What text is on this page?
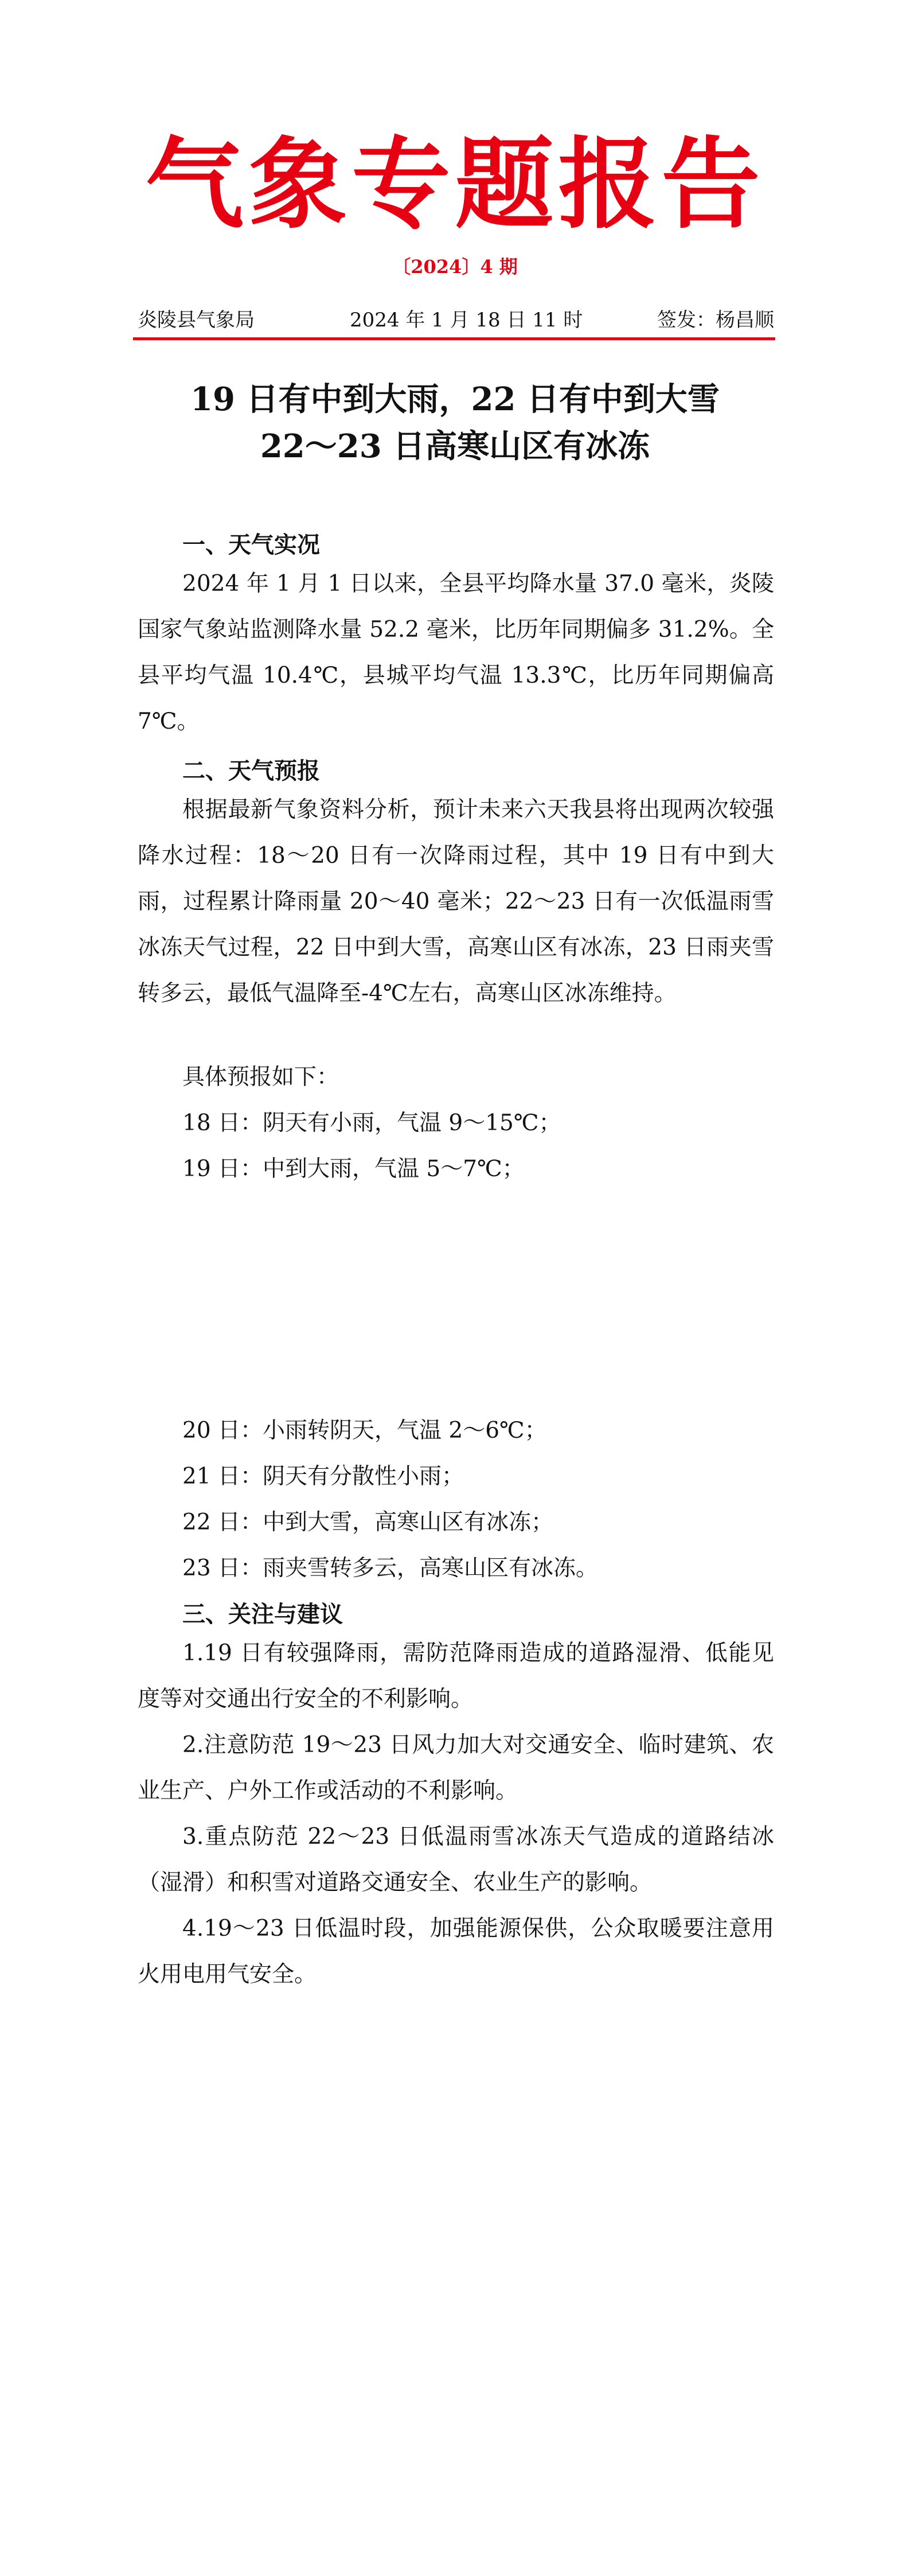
气象专题报告
〔2024〕4 期
炎陵县气象局	2024 年 1 月 18 日 11 时	签发：杨昌顺
19 日有中到大雨，22 日有中到大雪
22～23 日高寒山区有冰冻
一、天气实况

2024 年 1 月 1 日以来，全县平均降水量 37.0 毫米，炎陵国家气象站监测降水量 52.2 毫米，比历年同期偏多 31.2%。全县平均气温 10.4℃，县城平均气温 13.3℃，比历年同期偏高 7℃。

二、天气预报

根据最新气象资料分析，预计未来六天我县将出现两次较强降水过程：18～20 日有一次降雨过程，其中 19 日有中到大雨，过程累计降雨量 20～40 毫米；22～23 日有一次低温雨雪冰冻天气过程，22 日中到大雪，高寒山区有冰冻，23 日雨夹雪转多云，最低气温降至-4℃左右，高寒山区冰冻维持。

具体预报如下：
18 日：阴天有小雨，气温 9～15℃；
19 日：中到大雨，气温 5～7℃；
20 日：小雨转阴天，气温 2～6℃；
21 日：阴天有分散性小雨；
22 日：中到大雪，高寒山区有冰冻；
23 日：雨夹雪转多云，高寒山区有冰冻。
三、关注与建议

1.19 日有较强降雨，需防范降雨造成的道路湿滑、低能见度等对交通出行安全的不利影响。

2.注意防范 19～23 日风力加大对交通安全、临时建筑、农业生产、户外工作或活动的不利影响。

3.重点防范 22～23 日低温雨雪冰冻天气造成的道路结冰（湿滑）和积雪对道路交通安全、农业生产的影响。

4.19～23 日低温时段，加强能源保供，公众取暖要注意用火用电用气安全。
